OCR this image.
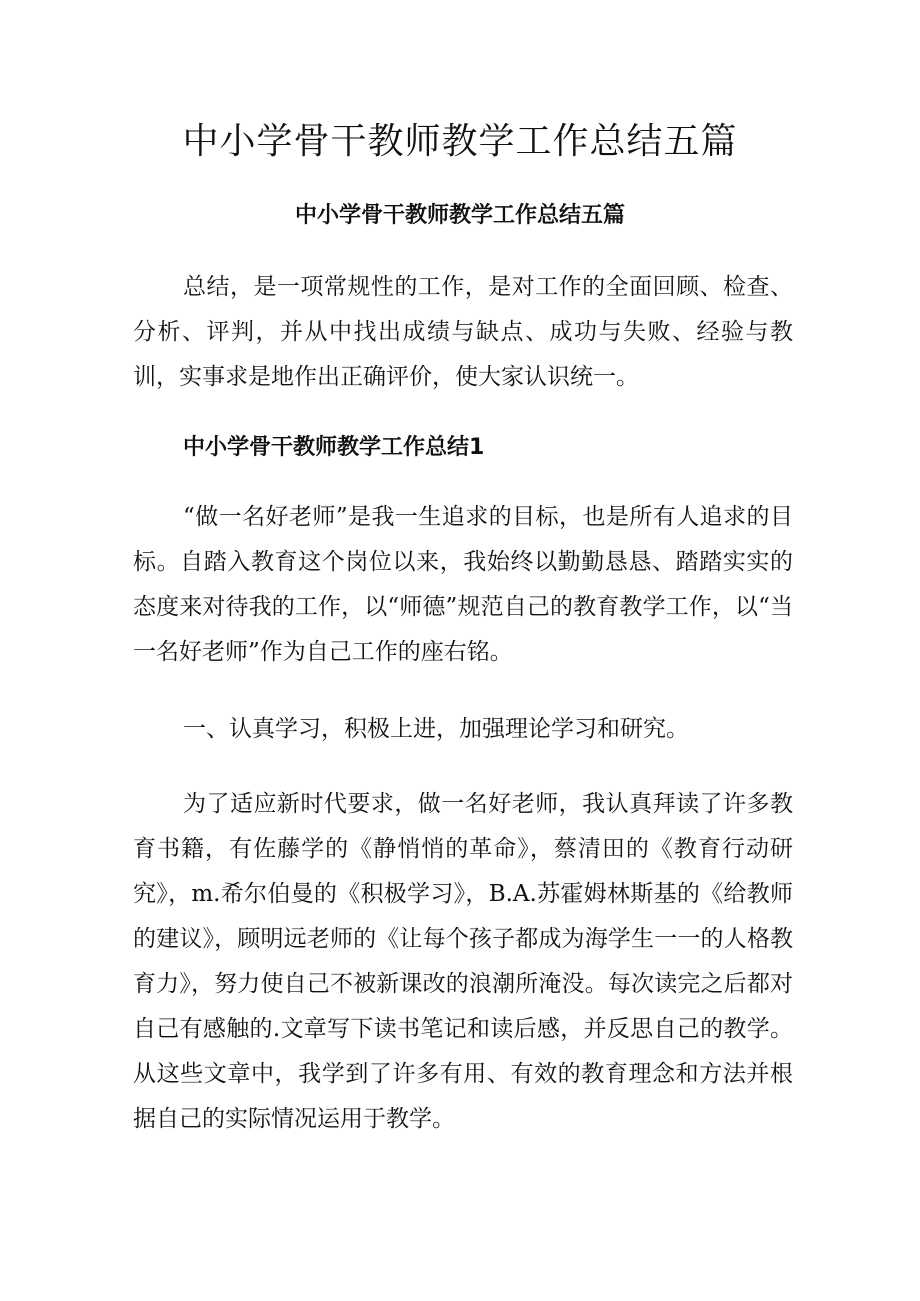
中小学骨干教师教学工作总结五篇
中小学骨干教师教学工作总结五篇

总结，是一项常规性的工作，是对工作的全面回顾、检查、分析、评判，并从中找出成绩与缺点、成功与失败、经验与教训，实事求是地作出正确评价，使大家认识统一。

中小学骨干教师教学工作总结1

“做一名好老师”是我一生追求的目标，也是所有人追求的目标。自踏入教育这个岗位以来，我始终以勤勤恳恳、踏踏实实的态度来对待我的工作，以“师德”规范自己的教育教学工作，以“当一名好老师”作为自己工作的座右铭。

一、认真学习，积极上进，加强理论学习和研究。

为了适应新时代要求，做一名好老师，我认真拜读了许多教育书籍，有佐藤学的《静悄悄的革命》，蔡清田的《教育行动研究》，m.希尔伯曼的《积极学习》，B.A.苏霍姆林斯基的《给教师的建议》，顾明远老师的《让每个孩子都成为海学生一一的人格教育力》，努力使自己不被新课改的浪潮所淹没。每次读完之后都对自己有感触的.文章写下读书笔记和读后感，并反思自己的教学。从这些文章中，我学到了许多有用、有效的教育理念和方法并根据自己的实际情况运用于教学。
